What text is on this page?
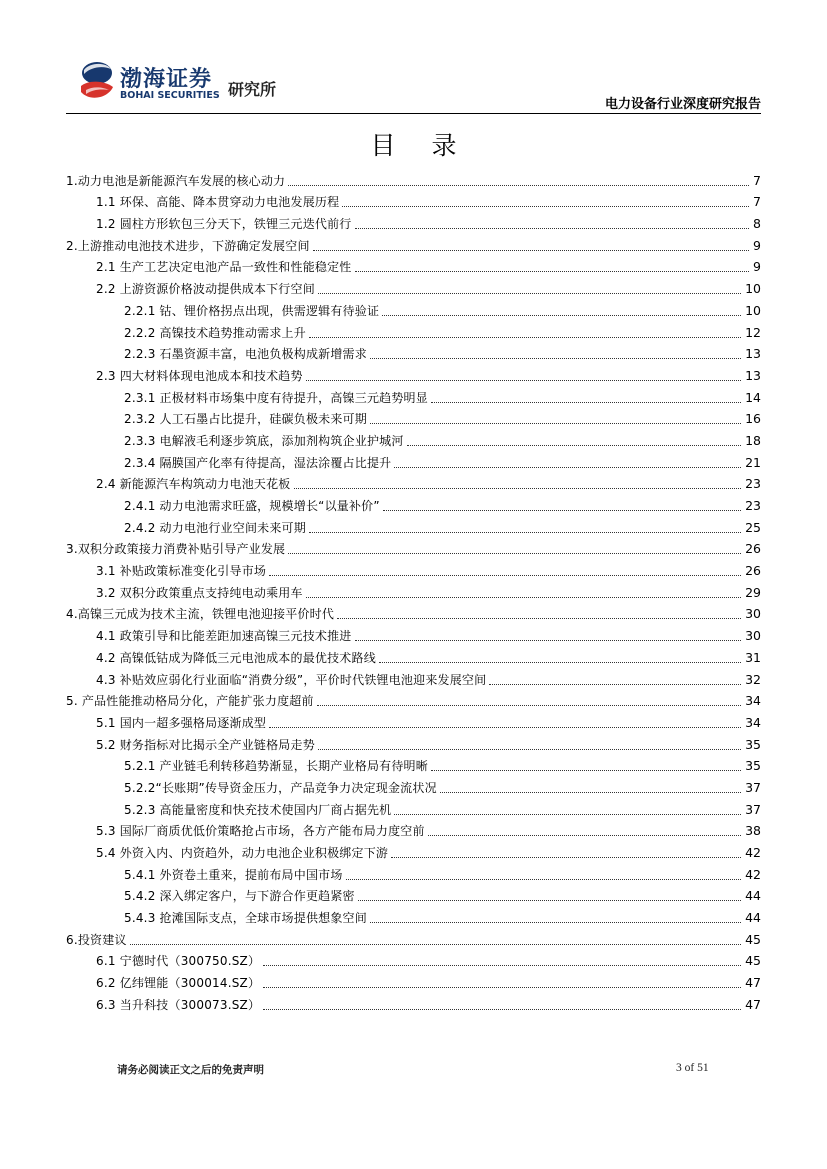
渤海证券
BOHAI SECURITIES 研究所
电力设备行业深度研究报告
目 录
1.动力电池是新能源汽车发展的核心动力	7
1.1 环保、高能、降本贯穿动力电池发展历程	7
1.2 圆柱方形软包三分天下，铁锂三元迭代前行	8
2.上游推动电池技术进步，下游确定发展空间	9
2.1 生产工艺决定电池产品一致性和性能稳定性	9
2.2 上游资源价格波动提供成本下行空间	10
2.2.1 钴、锂价格拐点出现，供需逻辑有待验证	10
2.2.2 高镍技术趋势推动需求上升	12
2.2.3 石墨资源丰富，电池负极构成新增需求	13
2.3 四大材料体现电池成本和技术趋势	13
2.3.1 正极材料市场集中度有待提升，高镍三元趋势明显	14
2.3.2 人工石墨占比提升，硅碳负极未来可期	16
2.3.3 电解液毛利逐步筑底，添加剂构筑企业护城河	18
2.3.4 隔膜国产化率有待提高，湿法涂覆占比提升	21
2.4 新能源汽车构筑动力电池天花板	23
2.4.1 动力电池需求旺盛，规模增长“以量补价”	23
2.4.2 动力电池行业空间未来可期	25
3.双积分政策接力消费补贴引导产业发展	26
3.1 补贴政策标准变化引导市场	26
3.2 双积分政策重点支持纯电动乘用车	29
4.高镍三元成为技术主流，铁锂电池迎接平价时代	30
4.1 政策引导和比能差距加速高镍三元技术推进	30
4.2 高镍低钴成为降低三元电池成本的最优技术路线	31
4.3 补贴效应弱化行业面临“消费分级”，平价时代铁锂电池迎来发展空间	32
5. 产品性能推动格局分化，产能扩张力度超前	34
5.1 国内一超多强格局逐渐成型	34
5.2 财务指标对比揭示全产业链格局走势	35
5.2.1 产业链毛利转移趋势渐显，长期产业格局有待明晰	35
5.2.2“长账期”传导资金压力，产品竞争力决定现金流状况	37
5.2.3 高能量密度和快充技术使国内厂商占据先机	37
5.3 国际厂商质优低价策略抢占市场，各方产能布局力度空前	38
5.4 外资入内、内资趋外，动力电池企业积极绑定下游	42
5.4.1 外资卷土重来，提前布局中国市场	42
5.4.2 深入绑定客户，与下游合作更趋紧密	44
5.4.3 抢滩国际支点，全球市场提供想象空间	44
6.投资建议	45
6.1 宁德时代（300750.SZ）	45
6.2 亿纬锂能（300014.SZ）	47
6.3 当升科技（300073.SZ）	47
请务必阅读正文之后的免责声明	3 of 51
